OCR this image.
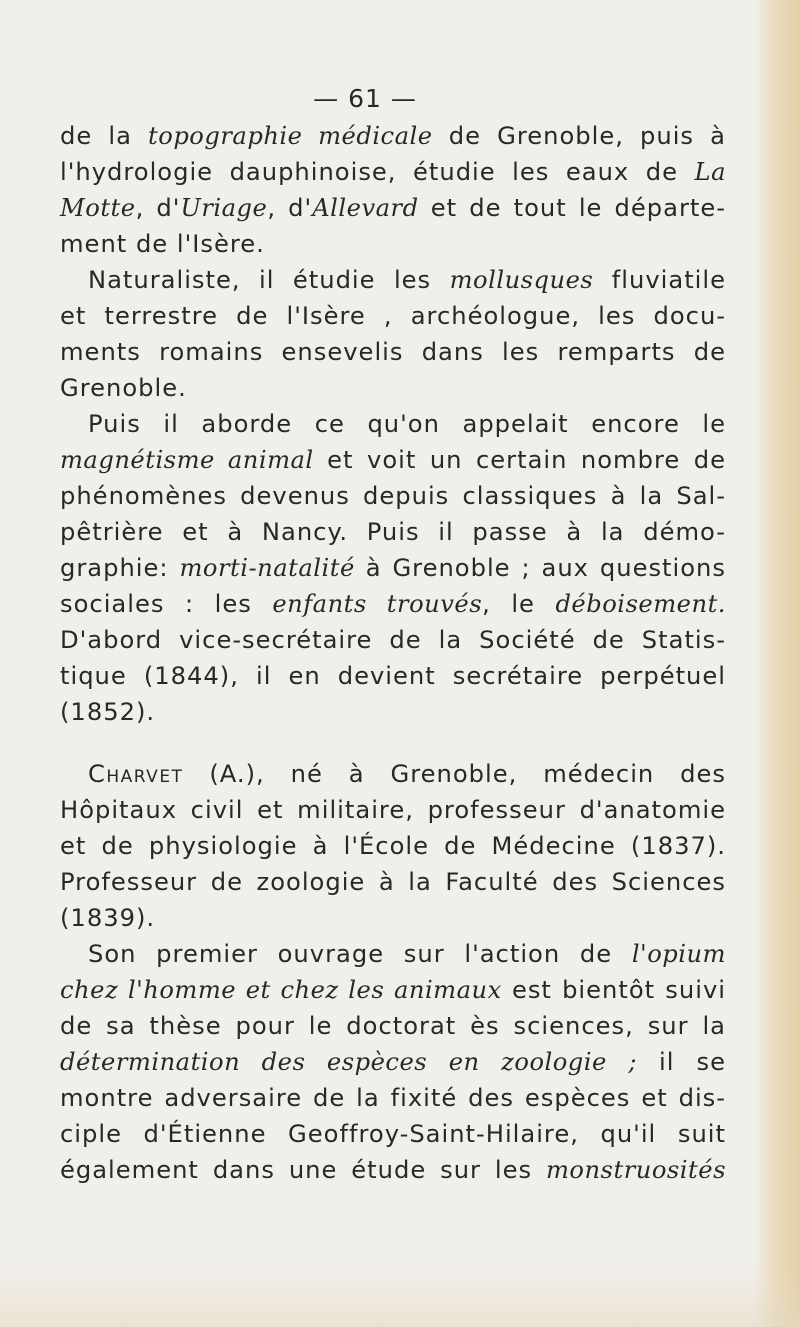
— 61 —
de la topographie médicale de Grenoble, puis à
l'hydrologie dauphinoise, étudie les eaux de La
Motte, d'Uriage, d'Allevard et de tout le départe-
ment de l'Isère.
Naturaliste, il étudie les mollusques fluviatile
et terrestre de l'Isère , archéologue, les docu-
ments romains ensevelis dans les remparts de
Grenoble.
Puis il aborde ce qu'on appelait encore le
magnétisme animal et voit un certain nombre de
phénomènes devenus depuis classiques à la Sal-
pêtrière et à Nancy. Puis il passe à la démo-
graphie: morti-natalité à Grenoble ; aux questions
sociales : les enfants trouvés, le déboisement.
D'abord vice-secrétaire de la Société de Statis-
tique (1844), il en devient secrétaire perpétuel
(1852).
Charvet (A.), né à Grenoble, médecin des
Hôpitaux civil et militaire, professeur d'anatomie
et de physiologie à l'École de Médecine (1837).
Professeur de zoologie à la Faculté des Sciences
(1839).
Son premier ouvrage sur l'action de l'opium
chez l'homme et chez les animaux est bientôt suivi
de sa thèse pour le doctorat ès sciences, sur la
détermination des espèces en zoologie ; il se
montre adversaire de la fixité des espèces et dis-
ciple d'Étienne Geoffroy-Saint-Hilaire, qu'il suit
également dans une étude sur les monstruosités
